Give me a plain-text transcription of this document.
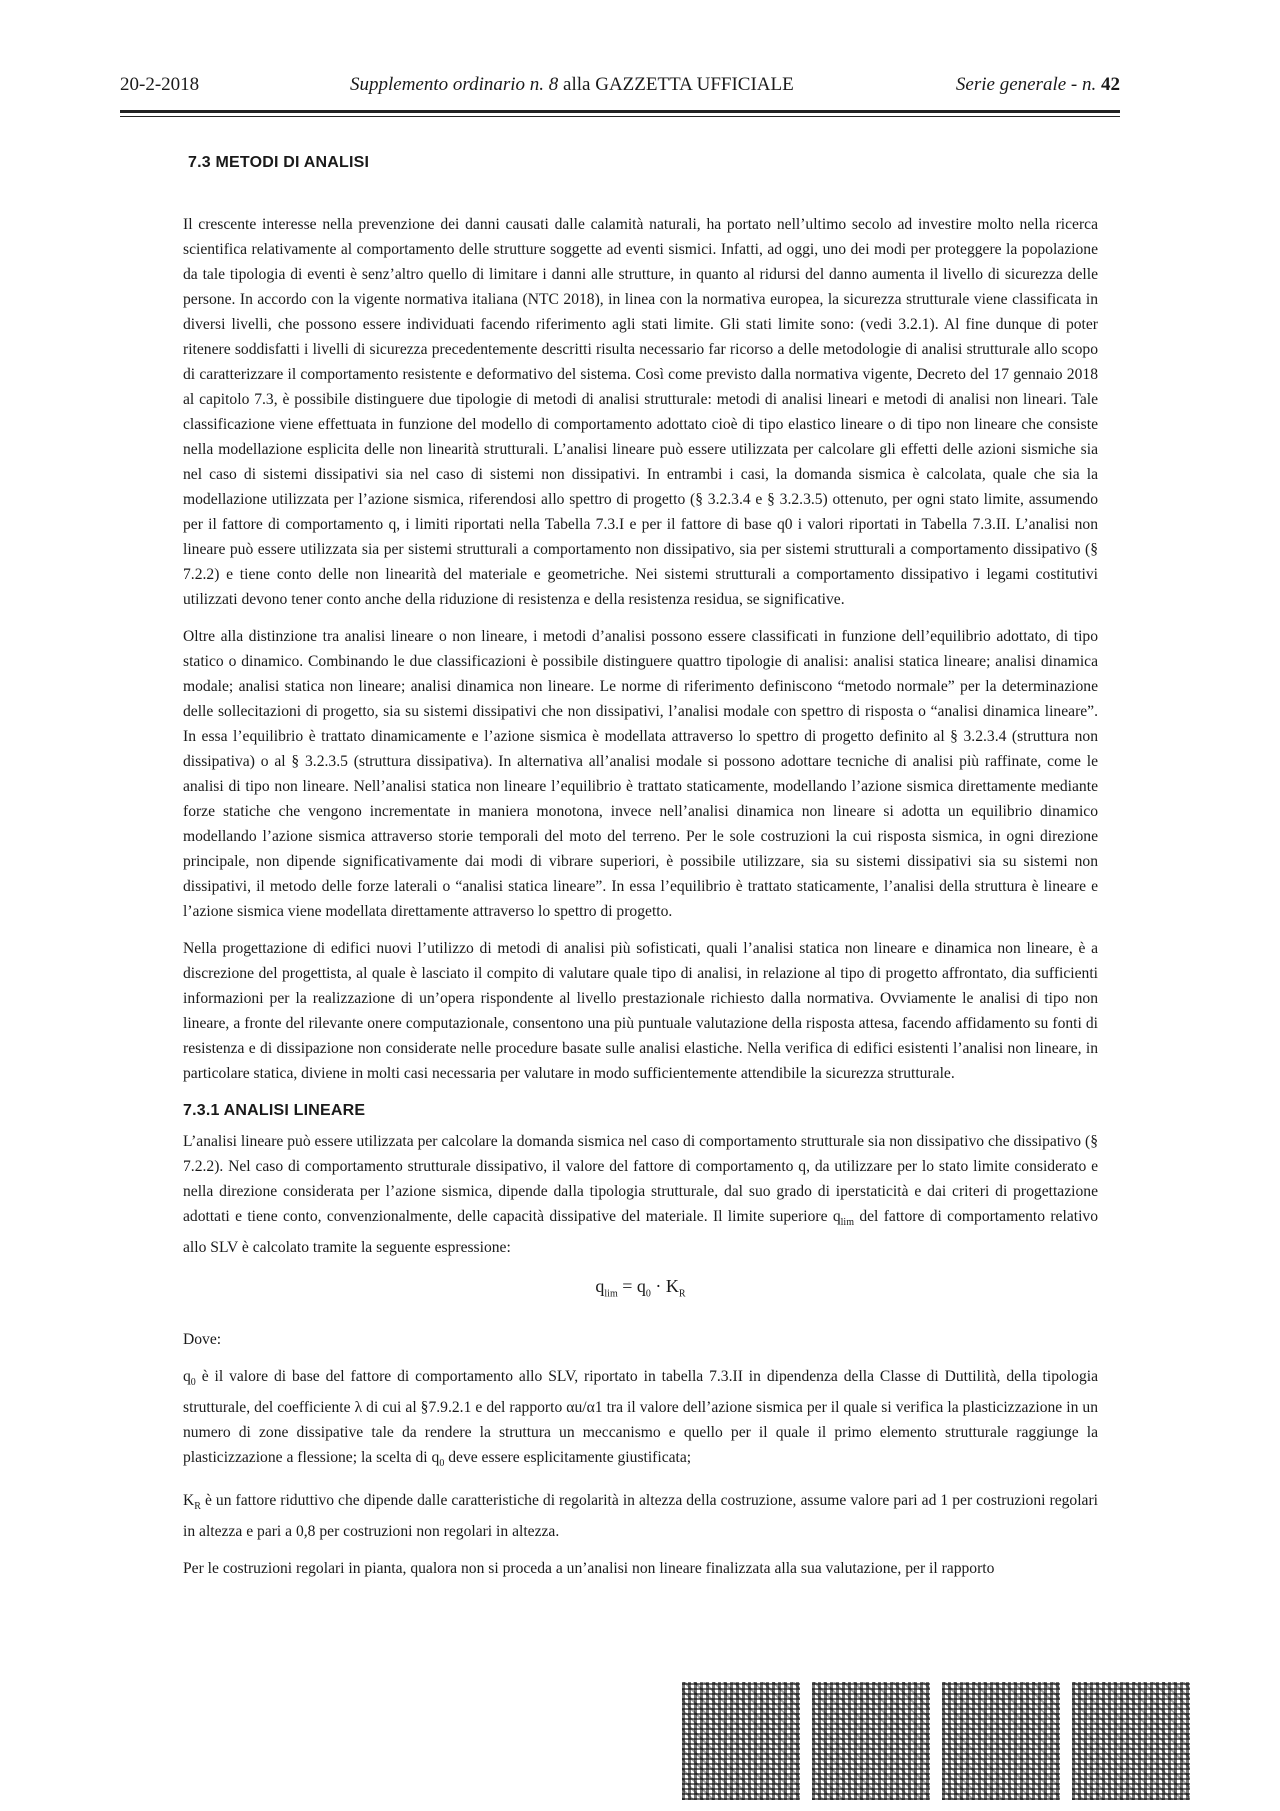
20-2-2018	Supplemento ordinario n. 8 alla GAZZETTA UFFICIALE	Serie generale - n. 42
7.3 METODI DI ANALISI

Il crescente interesse nella prevenzione dei danni causati dalle calamità naturali, ha portato nell’ultimo secolo ad investire molto nella ricerca scientifica relativamente al comportamento delle strutture soggette ad eventi sismici. Infatti, ad oggi, uno dei modi per proteggere la popolazione da tale tipologia di eventi è senz’altro quello di limitare i danni alle strutture, in quanto al ridursi del danno aumenta il livello di sicurezza delle persone. In accordo con la vigente normativa italiana (NTC 2018), in linea con la normativa europea, la sicurezza strutturale viene classificata in diversi livelli, che possono essere individuati facendo riferimento agli stati limite. Gli stati limite sono: (vedi 3.2.1). Al fine dunque di poter ritenere soddisfatti i livelli di sicurezza precedentemente descritti risulta necessario far ricorso a delle metodologie di analisi strutturale allo scopo di caratterizzare il comportamento resistente e deformativo del sistema. Così come previsto dalla normativa vigente, Decreto del 17 gennaio 2018 al capitolo 7.3, è possibile distinguere due tipologie di metodi di analisi strutturale: metodi di analisi lineari e metodi di analisi non lineari. Tale classificazione viene effettuata in funzione del modello di comportamento adottato cioè di tipo elastico lineare o di tipo non lineare che consiste nella modellazione esplicita delle non linearità strutturali. L’analisi lineare può essere utilizzata per calcolare gli effetti delle azioni sismiche sia nel caso di sistemi dissipativi sia nel caso di sistemi non dissipativi. In entrambi i casi, la domanda sismica è calcolata, quale che sia la modellazione utilizzata per l’azione sismica, riferendosi allo spettro di progetto (§ 3.2.3.4 e § 3.2.3.5) ottenuto, per ogni stato limite, assumendo per il fattore di comportamento q, i limiti riportati nella Tabella 7.3.I e per il fattore di base q0 i valori riportati in Tabella 7.3.II. L’analisi non lineare può essere utilizzata sia per sistemi strutturali a comportamento non dissipativo, sia per sistemi strutturali a comportamento dissipativo (§ 7.2.2) e tiene conto delle non linearità del materiale e geometriche. Nei sistemi strutturali a comportamento dissipativo i legami costitutivi utilizzati devono tener conto anche della riduzione di resistenza e della resistenza residua, se significative.

Oltre alla distinzione tra analisi lineare o non lineare, i metodi d’analisi possono essere classificati in funzione dell’equilibrio adottato, di tipo statico o dinamico. Combinando le due classificazioni è possibile distinguere quattro tipologie di analisi: analisi statica lineare; analisi dinamica modale; analisi statica non lineare; analisi dinamica non lineare. Le norme di riferimento definiscono “metodo normale” per la determinazione delle sollecitazioni di progetto, sia su sistemi dissipativi che non dissipativi, l’analisi modale con spettro di risposta o “analisi dinamica lineare”. In essa l’equilibrio è trattato dinamicamente e l’azione sismica è modellata attraverso lo spettro di progetto definito al § 3.2.3.4 (struttura non dissipativa) o al § 3.2.3.5 (struttura dissipativa). In alternativa all’analisi modale si possono adottare tecniche di analisi più raffinate, come le analisi di tipo non lineare. Nell’analisi statica non lineare l’equilibrio è trattato staticamente, modellando l’azione sismica direttamente mediante forze statiche che vengono incrementate in maniera monotona, invece nell’analisi dinamica non lineare si adotta un equilibrio dinamico modellando l’azione sismica attraverso storie temporali del moto del terreno. Per le sole costruzioni la cui risposta sismica, in ogni direzione principale, non dipende significativamente dai modi di vibrare superiori, è possibile utilizzare, sia su sistemi dissipativi sia su sistemi non dissipativi, il metodo delle forze laterali o “analisi statica lineare”. In essa l’equilibrio è trattato staticamente, l’analisi della struttura è lineare e l’azione sismica viene modellata direttamente attraverso lo spettro di progetto.

Nella progettazione di edifici nuovi l’utilizzo di metodi di analisi più sofisticati, quali l’analisi statica non lineare e dinamica non lineare, è a discrezione del progettista, al quale è lasciato il compito di valutare quale tipo di analisi, in relazione al tipo di progetto affrontato, dia sufficienti informazioni per la realizzazione di un’opera rispondente al livello prestazionale richiesto dalla normativa. Ovviamente le analisi di tipo non lineare, a fronte del rilevante onere computazionale, consentono una più puntuale valutazione della risposta attesa, facendo affidamento su fonti di resistenza e di dissipazione non considerate nelle procedure basate sulle analisi elastiche. Nella verifica di edifici esistenti l’analisi non lineare, in particolare statica, diviene in molti casi necessaria per valutare in modo sufficientemente attendibile la sicurezza strutturale.

7.3.1 ANALISI LINEARE

L’analisi lineare può essere utilizzata per calcolare la domanda sismica nel caso di comportamento strutturale sia non dissipativo che dissipativo (§ 7.2.2). Nel caso di comportamento strutturale dissipativo, il valore del fattore di comportamento q, da utilizzare per lo stato limite considerato e nella direzione considerata per l’azione sismica, dipende dalla tipologia strutturale, dal suo grado di iperstaticità e dai criteri di progettazione adottati e tiene conto, convenzionalmente, delle capacità dissipative del materiale. Il limite superiore $q_{lim}$ del fattore di comportamento relativo allo SLV è calcolato tramite la seguente espressione:

$q_{lim} = q_0 \cdot K_R$

Dove:

$q_0$ è il valore di base del fattore di comportamento allo SLV, riportato in tabella 7.3.II in dipendenza della Classe di Duttilità, della tipologia strutturale, del coefficiente λ di cui al §7.9.2.1 e del rapporto αu/α1 tra il valore dell’azione sismica per il quale si verifica la plasticizzazione in un numero di zone dissipative tale da rendere la struttura un meccanismo e quello per il quale il primo elemento strutturale raggiunge la plasticizzazione a flessione; la scelta di $q_0$ deve essere esplicitamente giustificata;

$K_R$ è un fattore riduttivo che dipende dalle caratteristiche di regolarità in altezza della costruzione, assume valore pari ad 1 per costruzioni regolari in altezza e pari a 0,8 per costruzioni non regolari in altezza.

Per le costruzioni regolari in pianta, qualora non si proceda a un’analisi non lineare finalizzata alla sua valutazione, per il rapporto
